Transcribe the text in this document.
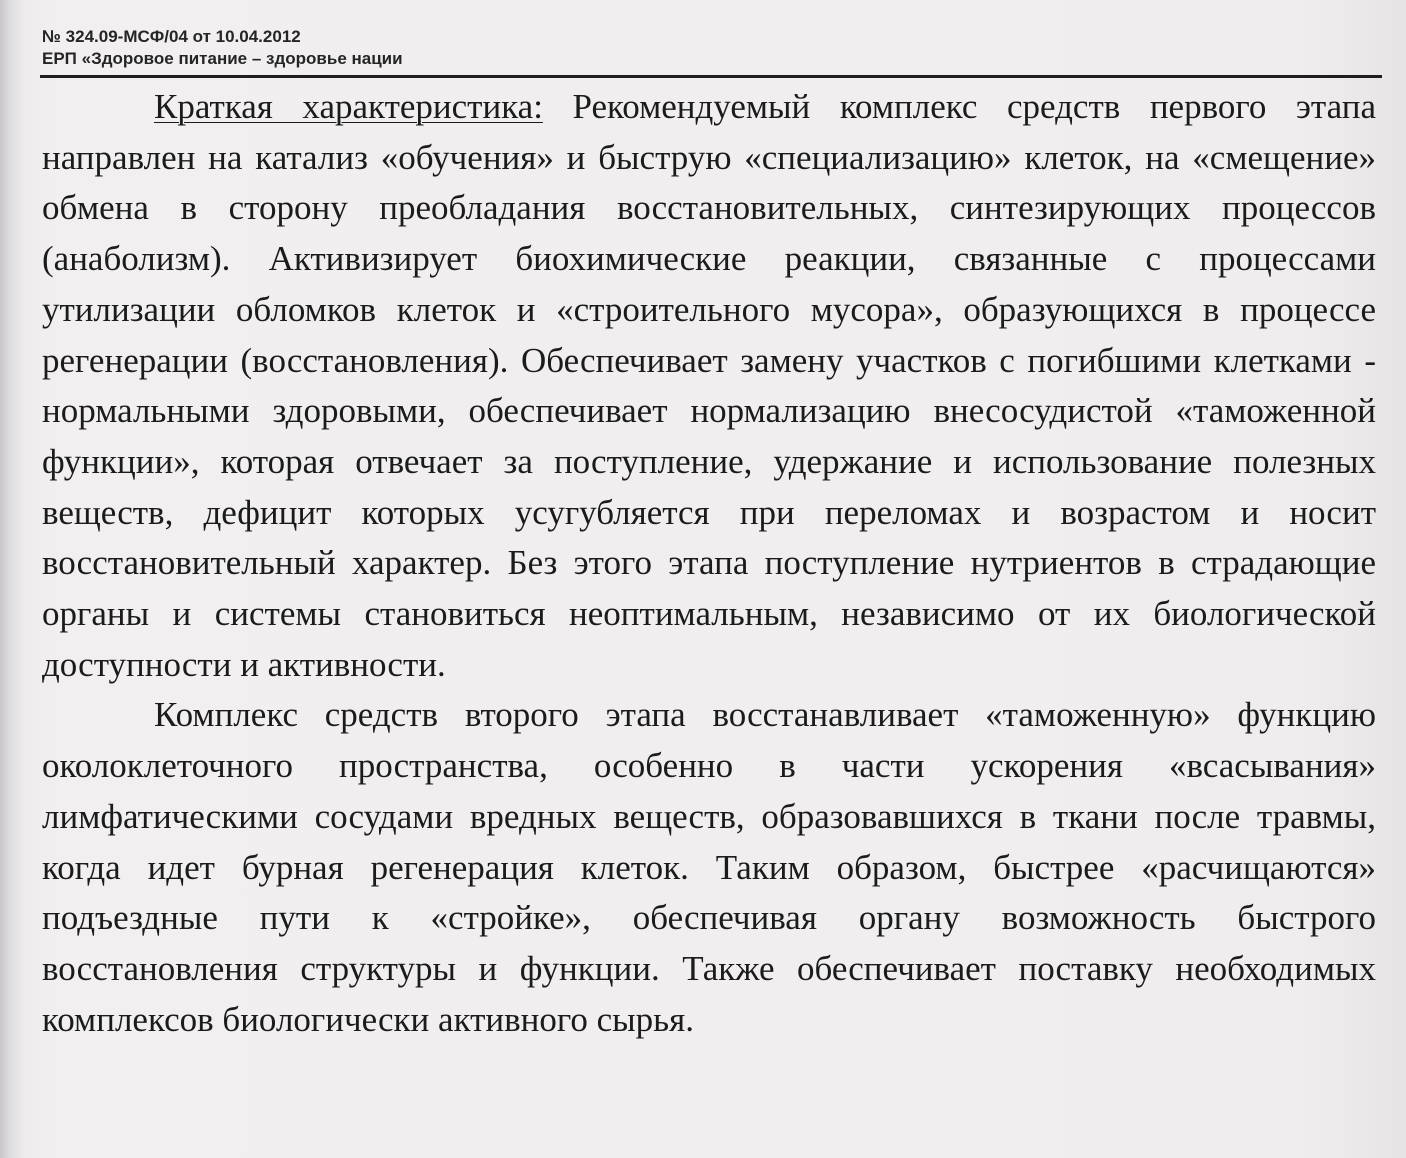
№ 324.09-МСФ/04 от 10.04.2012
ЕРП «Здоровое питание – здоровье нации

Краткая характеристика: Рекомендуемый комплекс средств первого этапа направлен на катализ «обучения» и быструю «специализацию» клеток, на «смещение» обмена в сторону преобладания восстановительных, синтезирующих процессов (анаболизм). Активизирует биохимические реакции, связанные с процессами утилизации обломков клеток и «строительного мусора», образующихся в процессе регенерации (восстановления). Обеспечивает замену участков с погибшими клетками - нормальными здоровыми, обеспечивает нормализацию внесосудистой «таможенной функции», которая отвечает за поступление, удержание и использование полезных веществ, дефицит которых усугубляется при переломах и возрастом и носит восстановительный характер. Без этого этапа поступление нутриентов в страдающие органы и системы становиться неоптимальным, независимо от их биологической доступности и активности.

Комплекс средств второго этапа восстанавливает «таможенную» функцию околоклеточного пространства, особенно в части ускорения «всасывания» лимфатическими сосудами вредных веществ, образовавшихся в ткани после травмы, когда идет бурная регенерация клеток. Таким образом, быстрее «расчищаются» подъездные пути к «стройке», обеспечивая органу возможность быстрого восстановления структуры и функции. Также обеспечивает поставку необходимых комплексов биологически активного сырья.
